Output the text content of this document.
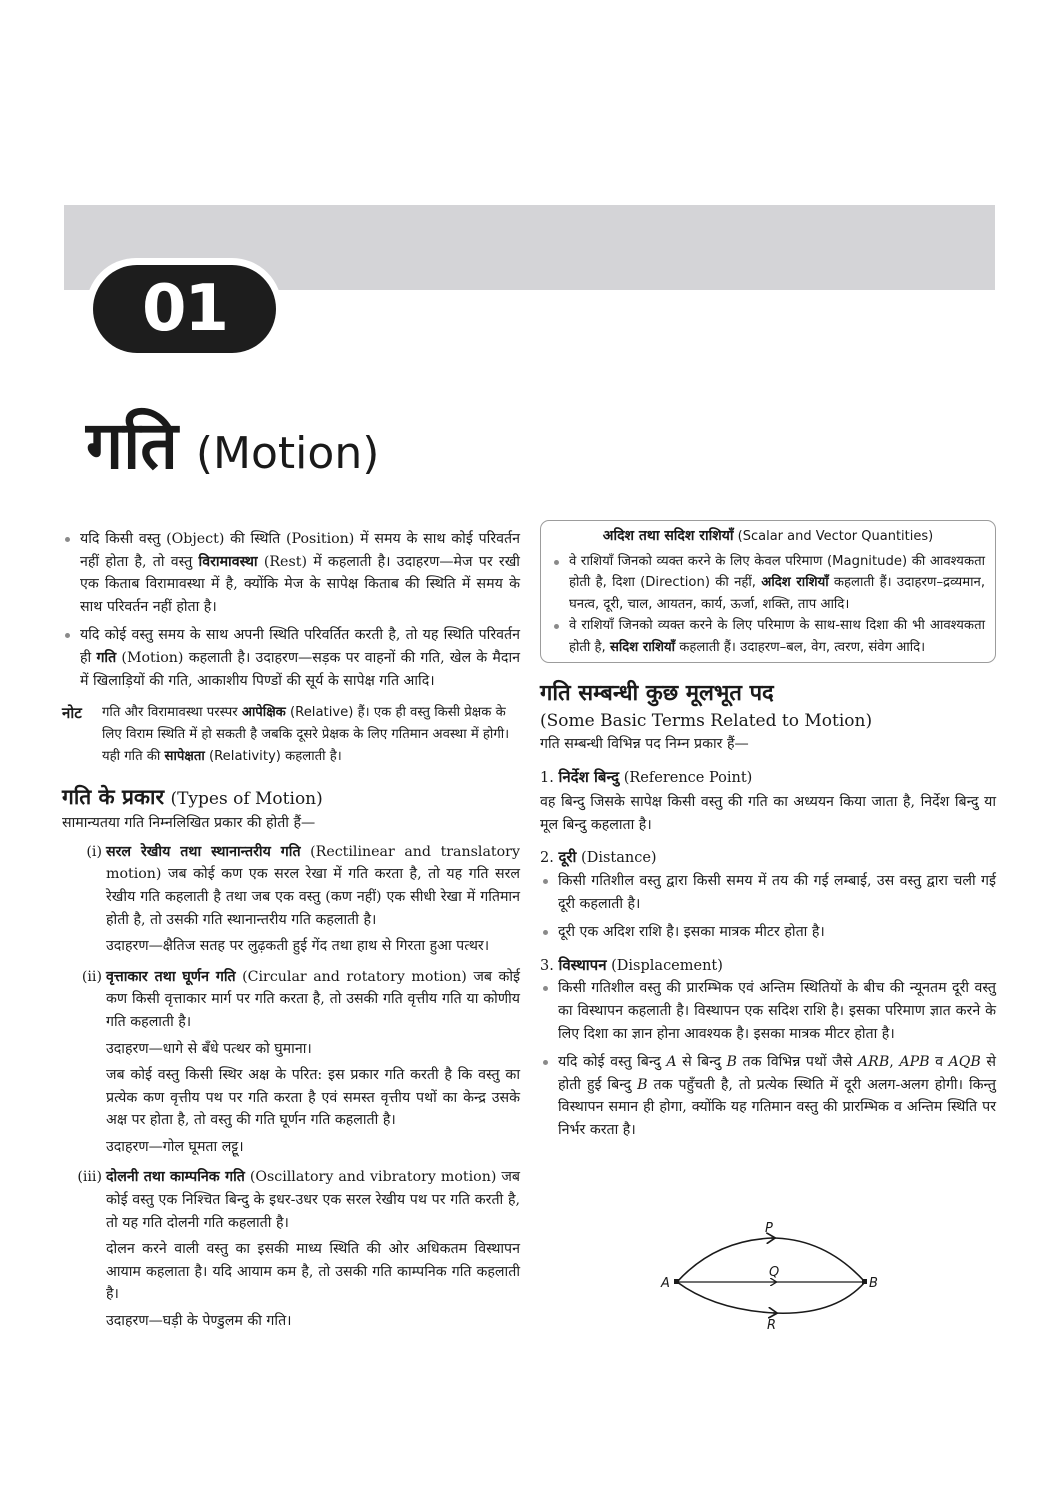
01
गति (Motion)
यदि किसी वस्तु (Object) की स्थिति (Position) में समय के साथ कोई परिवर्तन नहीं होता है, तो वस्तु विरामावस्था (Rest) में कहलाती है। उदाहरण—मेज पर रखी एक किताब विरामावस्था में है, क्योंकि मेज के सापेक्ष किताब की स्थिति में समय के साथ परिवर्तन नहीं होता है।
यदि कोई वस्तु समय के साथ अपनी स्थिति परिवर्तित करती है, तो यह स्थिति परिवर्तन ही गति (Motion) कहलाती है। उदाहरण—सड़क पर वाहनों की गति, खेल के मैदान में खिलाड़ियों की गति, आकाशीय पिण्डों की सूर्य के सापेक्ष गति आदि।
नोट	गति और विरामावस्था परस्पर आपेक्षिक (Relative) हैं। एक ही वस्तु किसी प्रेक्षक के लिए विराम स्थिति में हो सकती है जबकि दूसरे प्रेक्षक के लिए गतिमान अवस्था में होगी। यही गति की सापेक्षता (Relativity) कहलाती है।
गति के प्रकार (Types of Motion)
सामान्यतया गति निम्नलिखित प्रकार की होती हैं—
(i) सरल रेखीय तथा स्थानान्तरीय गति (Rectilinear and translatory motion) जब कोई कण एक सरल रेखा में गति करता है, तो यह गति सरल रेखीय गति कहलाती है तथा जब एक वस्तु (कण नहीं) एक सीधी रेखा में गतिमान होती है, तो उसकी गति स्थानान्तरीय गति कहलाती है।

उदाहरण—क्षैतिज सतह पर लुढ़कती हुई गेंद तथा हाथ से गिरता हुआ पत्थर।

(ii) वृत्ताकार तथा घूर्णन गति (Circular and rotatory motion) जब कोई कण किसी वृत्ताकार मार्ग पर गति करता है, तो उसकी गति वृत्तीय गति या कोणीय गति कहलाती है।

उदाहरण—धागे से बँधे पत्थर को घुमाना।

जब कोई वस्तु किसी स्थिर अक्ष के परित: इस प्रकार गति करती है कि वस्तु का प्रत्येक कण वृत्तीय पथ पर गति करता है एवं समस्त वृत्तीय पथों का केन्द्र उसके अक्ष पर होता है, तो वस्तु की गति घूर्णन गति कहलाती है।

उदाहरण—गोल घूमता लट्टू।

(iii) दोलनी तथा काम्पनिक गति (Oscillatory and vibratory motion) जब कोई वस्तु एक निश्चित बिन्दु के इधर-उधर एक सरल रेखीय पथ पर गति करती है, तो यह गति दोलनी गति कहलाती है।

दोलन करने वाली वस्तु का इसकी माध्य स्थिति की ओर अधिकतम विस्थापन आयाम कहलाता है। यदि आयाम कम है, तो उसकी गति काम्पनिक गति कहलाती है।

उदाहरण—घड़ी के पेण्डुलम की गति।

अदिश तथा सदिश राशियाँ (Scalar and Vector Quantities)
वे राशियाँ जिनको व्यक्त करने के लिए केवल परिमाण (Magnitude) की आवश्यकता होती है, दिशा (Direction) की नहीं, अदिश राशियाँ कहलाती हैं। उदाहरण–द्रव्यमान, घनत्व, दूरी, चाल, आयतन, कार्य, ऊर्जा, शक्ति, ताप आदि।
वे राशियाँ जिनको व्यक्त करने के लिए परिमाण के साथ-साथ दिशा की भी आवश्यकता होती है, सदिश राशियाँ कहलाती हैं। उदाहरण–बल, वेग, त्वरण, संवेग आदि।
गति सम्बन्धी कुछ मूलभूत पद
(Some Basic Terms Related to Motion)
गति सम्बन्धी विभिन्न पद निम्न प्रकार हैं—
1. निर्देश बिन्दु (Reference Point)
वह बिन्दु जिसके सापेक्ष किसी वस्तु की गति का अध्ययन किया जाता है, निर्देश बिन्दु या मूल बिन्दु कहलाता है।
2. दूरी (Distance)
किसी गतिशील वस्तु द्वारा किसी समय में तय की गई लम्बाई, उस वस्तु द्वारा चली गई दूरी कहलाती है।
दूरी एक अदिश राशि है। इसका मात्रक मीटर होता है।
3. विस्थापन (Displacement)
किसी गतिशील वस्तु की प्रारम्भिक एवं अन्तिम स्थितियों के बीच की न्यूनतम दूरी वस्तु का विस्थापन कहलाती है। विस्थापन एक सदिश राशि है। इसका परिमाण ज्ञात करने के लिए दिशा का ज्ञान होना आवश्यक है। इसका मात्रक मीटर होता है।
यदि कोई वस्तु बिन्दु A से बिन्दु B तक विभिन्न पथों जैसे ARB, APB व AQB से होती हुई बिन्दु B तक पहुँचती है, तो प्रत्येक स्थिति में दूरी अलग-अलग होगी। किन्तु विस्थापन समान ही होगा, क्योंकि यह गतिमान वस्तु की प्रारम्भिक व अन्तिम स्थिति पर निर्भर करता है।
A	B
P
Q
R
